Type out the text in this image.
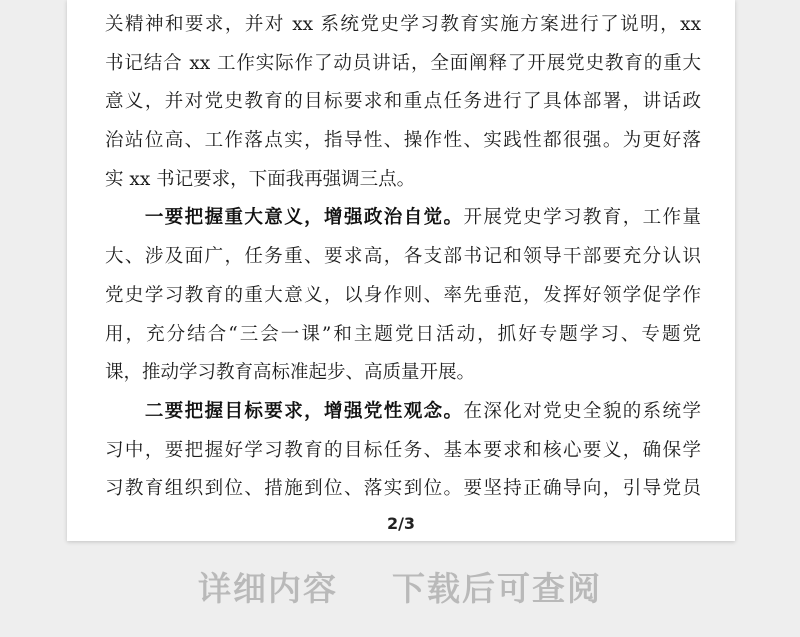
关精神和要求，并对 xx 系统党史学习教育实施方案进行了说明，xx
书记结合 xx 工作实际作了动员讲话，全面阐释了开展党史教育的重大
意义，并对党史教育的目标要求和重点任务进行了具体部署，讲话政
治站位高、工作落点实，指导性、操作性、实践性都很强。为更好落
实 xx 书记要求，下面我再强调三点。
　　一要把握重大意义，增强政治自觉。开展党史学习教育，工作量
大、涉及面广，任务重、要求高，各支部书记和领导干部要充分认识
党史学习教育的重大意义，以身作则、率先垂范，发挥好领学促学作
用，充分结合“三会一课”和主题党日活动，抓好专题学习、专题党
课，推动学习教育高标准起步、高质量开展。
　　二要把握目标要求，增强党性观念。在深化对党史全貌的系统学
习中，要把握好学习教育的目标任务、基本要求和核心要义，确保学
习教育组织到位、措施到位、落实到位。要坚持正确导向，引导党员
2/3
详细内容 下载后可查阅
